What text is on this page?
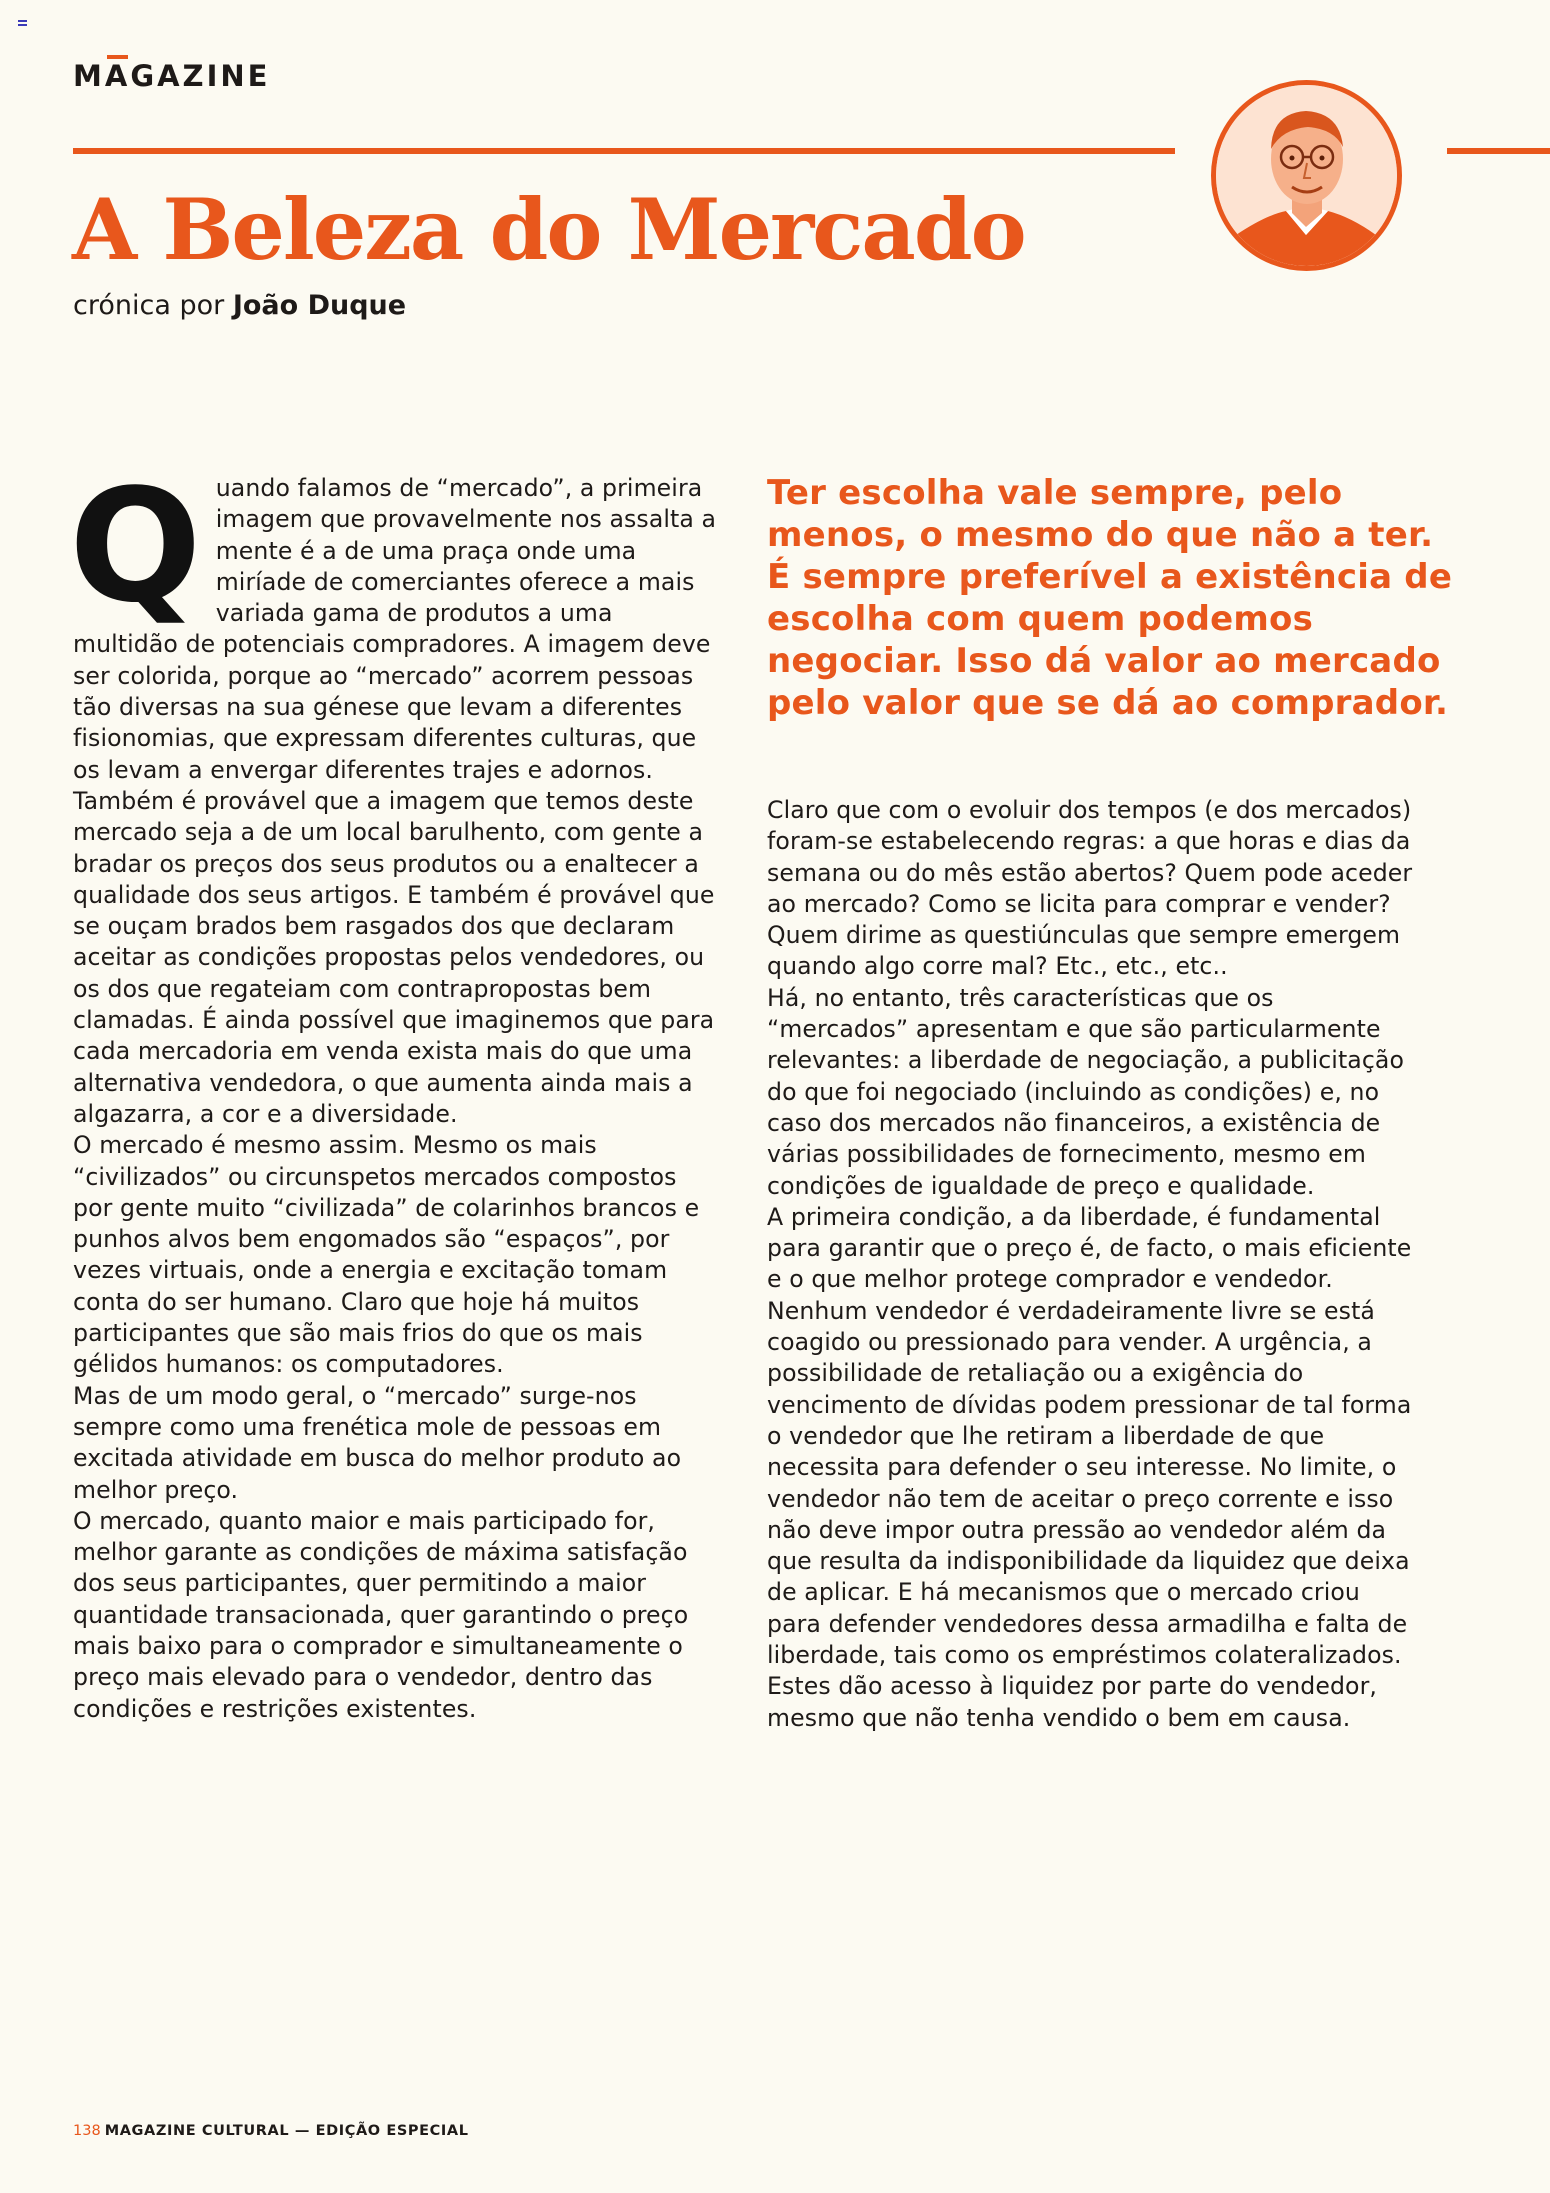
MAGAZINE
A Beleza do Mercado
crónica por João Duque
Q uando falamos de “mercado”, a primeira imagem que provavelmente nos assalta a mente é a de uma praça onde uma miríade de comerciantes oferece a mais variada gama de produtos a uma multidão de potenciais compradores. A imagem deve ser colorida, porque ao “mercado” acorrem pessoas tão diversas na sua génese que levam a diferentes fisionomias, que expressam diferentes culturas, que os levam a envergar diferentes trajes e adornos. Também é provável que a imagem que temos deste mercado seja a de um local barulhento, com gente a bradar os preços dos seus produtos ou a enaltecer a qualidade dos seus artigos. E também é provável que se ouçam brados bem rasgados dos que declaram aceitar as condições propostas pelos vendedores, ou os dos que regateiam com contrapropostas bem clamadas. É ainda possível que imaginemos que para cada mercadoria em venda exista mais do que uma alternativa vendedora, o que aumenta ainda mais a algazarra, a cor e a diversidade.

O mercado é mesmo assim. Mesmo os mais “civilizados” ou circunspetos mercados compostos por gente muito “civilizada” de colarinhos brancos e punhos alvos bem engomados são “espaços”, por vezes virtuais, onde a energia e excitação tomam conta do ser humano. Claro que hoje há muitos participantes que são mais frios do que os mais gélidos humanos: os computadores.

Mas de um modo geral, o “mercado” surge-nos sempre como uma frenética mole de pessoas em excitada atividade em busca do melhor produto ao melhor preço.

O mercado, quanto maior e mais participado for, melhor garante as condições de máxima satisfação dos seus participantes, quer permitindo a maior quantidade transacionada, quer garantindo o preço mais baixo para o comprador e simultaneamente o preço mais elevado para o vendedor, dentro das condições e restrições existentes.

Ter escolha vale sempre, pelo menos, o mesmo do que não a ter. É sempre preferível a existência de escolha com quem podemos negociar. Isso dá valor ao mercado pelo valor que se dá ao comprador.

Claro que com o evoluir dos tempos (e dos mercados) foram-se estabelecendo regras: a que horas e dias da semana ou do mês estão abertos? Quem pode aceder ao mercado? Como se licita para comprar e vender? Quem dirime as questiúnculas que sempre emergem quando algo corre mal? Etc., etc., etc..

Há, no entanto, três características que os “mercados” apresentam e que são particularmente relevantes: a liberdade de negociação, a publicitação do que foi negociado (incluindo as condições) e, no caso dos mercados não financeiros, a existência de várias possibilidades de fornecimento, mesmo em condições de igualdade de preço e qualidade.

A primeira condição, a da liberdade, é fundamental para garantir que o preço é, de facto, o mais eficiente e o que melhor protege comprador e vendedor. Nenhum vendedor é verdadeiramente livre se está coagido ou pressionado para vender. A urgência, a possibilidade de retaliação ou a exigência do vencimento de dívidas podem pressionar de tal forma o vendedor que lhe retiram a liberdade de que necessita para defender o seu interesse. No limite, o vendedor não tem de aceitar o preço corrente e isso não deve impor outra pressão ao vendedor além da que resulta da indisponibilidade da liquidez que deixa de aplicar. E há mecanismos que o mercado criou para defender vendedores dessa armadilha e falta de liberdade, tais como os empréstimos colateralizados. Estes dão acesso à liquidez por parte do vendedor, mesmo que não tenha vendido o bem em causa.

138 MAGAZINE CULTURAL — EDIÇÃO ESPECIAL
